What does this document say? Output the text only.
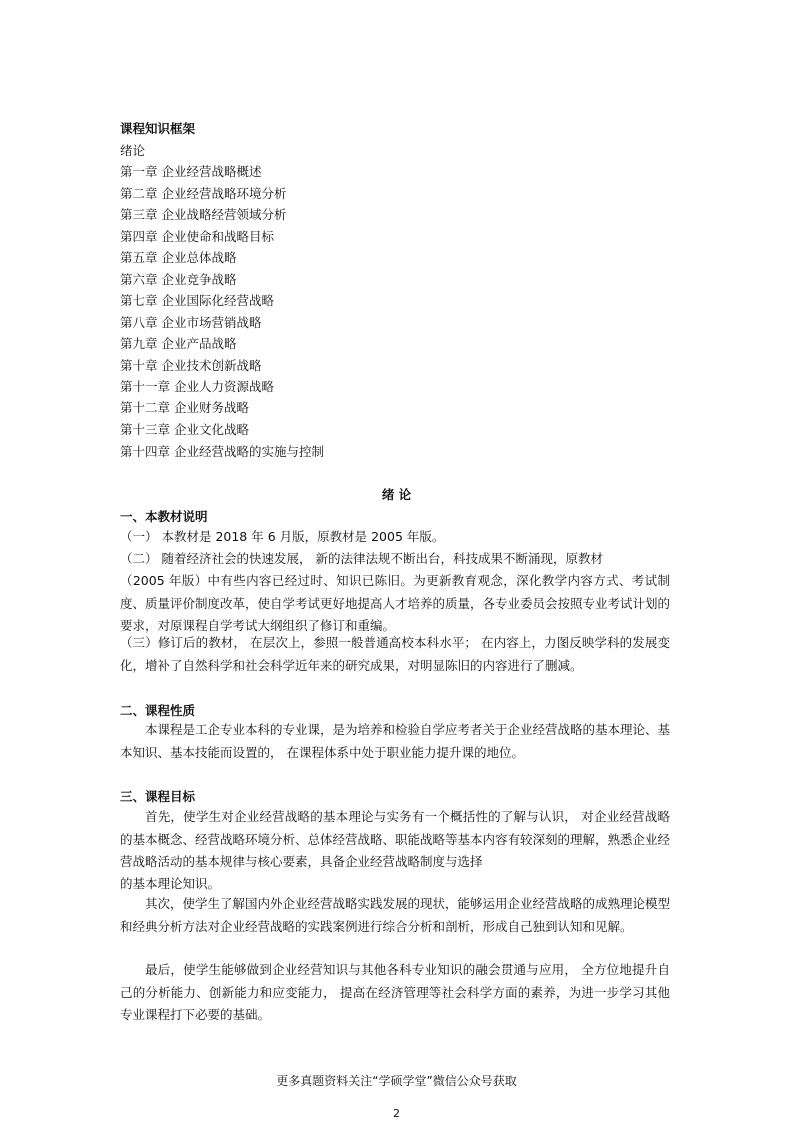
课程知识框架
绪论
第一章 企业经营战略概述
第二章 企业经营战略环境分析
第三章 企业战略经营领域分析
第四章 企业使命和战略目标
第五章 企业总体战略
第六章 企业竞争战略
第七章 企业国际化经营战略
第八章 企业市场营销战略
第九章 企业产品战略
第十章 企业技术创新战略
第十一章 企业人力资源战略
第十二章 企业财务战略
第十三章 企业文化战略
第十四章 企业经营战略的实施与控制
绪 论
一、本教材说明
（一） 本教材是 2018 年 6 月版，原教材是 2005 年版。
（二） 随着经济社会的快速发展， 新的法律法规不断出台，科技成果不断涌现，原教材
（2005 年版）中有些内容已经过时、知识已陈旧。为更新教育观念，深化教学内容方式、考试制度、质量评价制度改革，使自学考试更好地提高人才培养的质量，各专业委员会按照专业考试计划的要求，对原课程自学考试大纲组织了修订和重编。
（三）修订后的教材， 在层次上，参照一般普通高校本科水平； 在内容上，力图反映学科的发展变化，增补了自然科学和社会科学近年来的研究成果，对明显陈旧的内容进行了删减。
二、课程性质
本课程是工企专业本科的专业课，是为培养和检验自学应考者关于企业经营战略的基本理论、基本知识、基本技能而设置的， 在课程体系中处于职业能力提升课的地位。
三、课程目标
首先，使学生对企业经营战略的基本理论与实务有一个概括性的了解与认识， 对企业经营战略的基本概念、经营战略环境分析、总体经营战略、职能战略等基本内容有较深刻的理解，熟悉企业经营战略活动的基本规律与核心要素，具备企业经营战略制度与选择
的基本理论知识。
其次，使学生了解国内外企业经营战略实践发展的现状，能够运用企业经营战略的成熟理论模型和经典分析方法对企业经营战略的实践案例进行综合分析和剖析，形成自己独到认知和见解。
最后，使学生能够做到企业经营知识与其他各科专业知识的融会贯通与应用， 全方位地提升自己的分析能力、创新能力和应变能力， 提高在经济管理等社会科学方面的素养，为进一步学习其他专业课程打下必要的基础。
更多真题资料关注“学硕学堂”微信公众号获取
2
